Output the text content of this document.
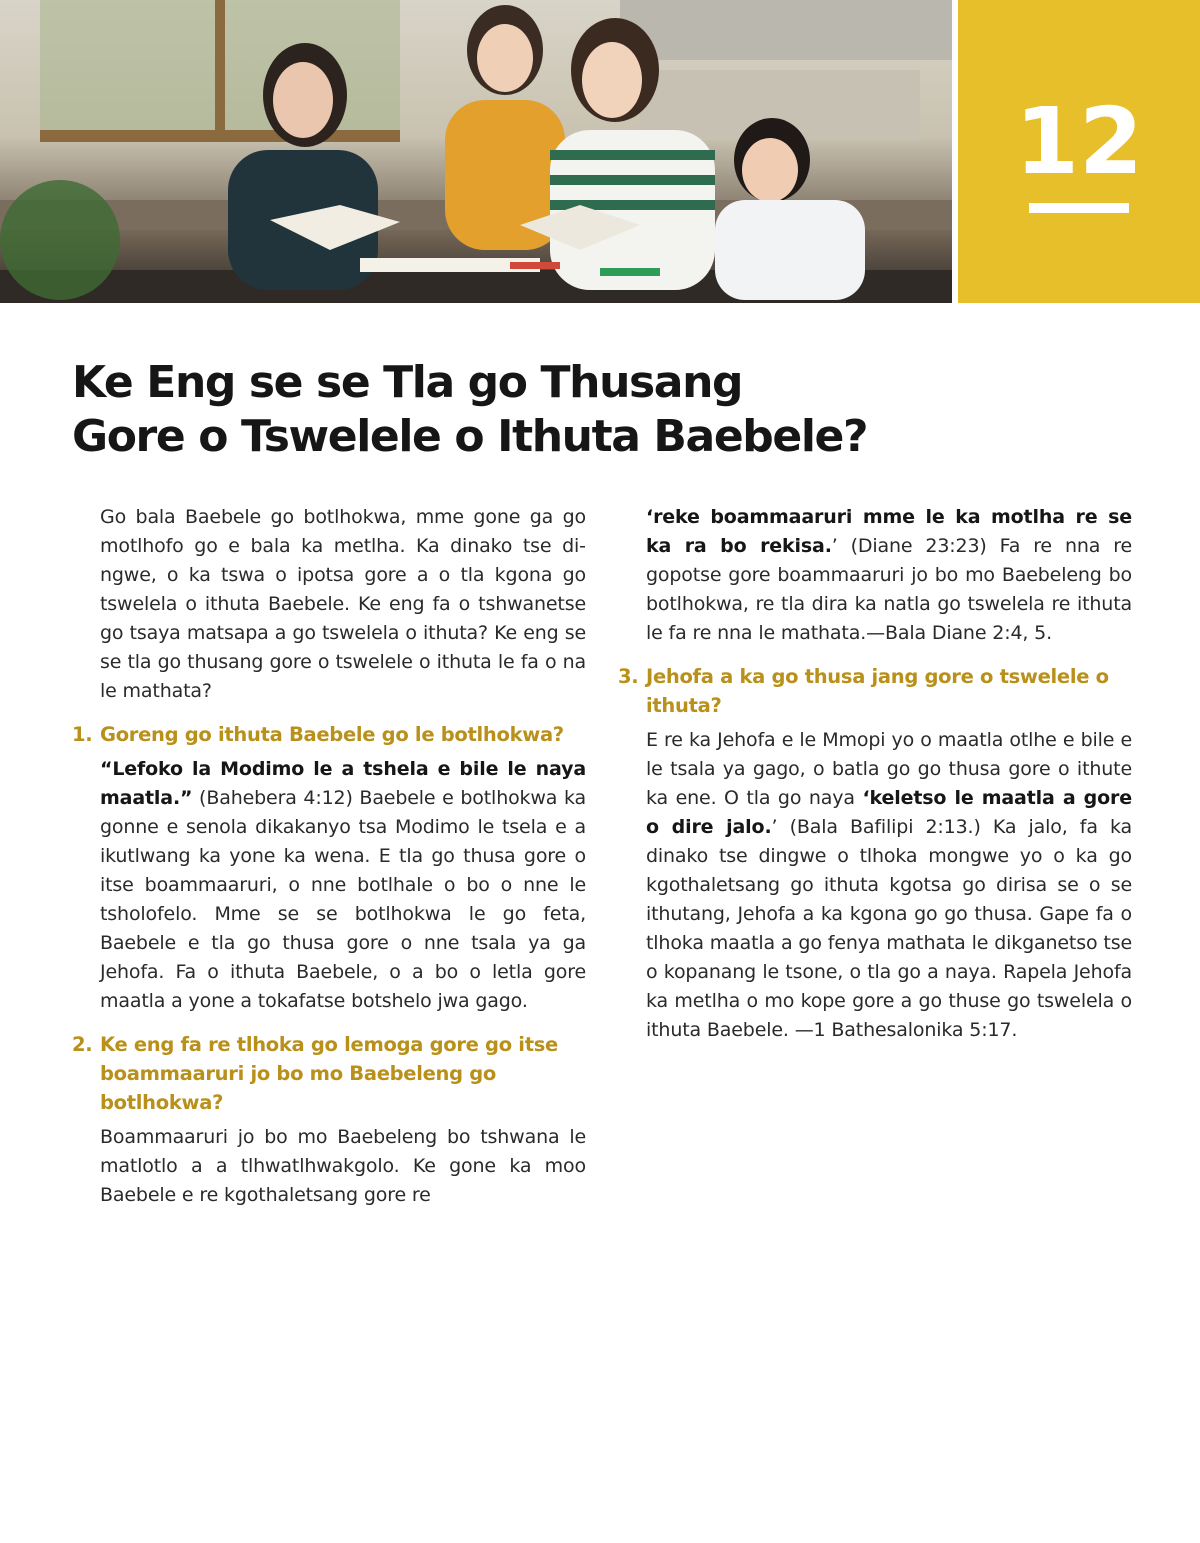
12
Ke Eng se se Tla go Thusang
Gore o Tswelele o Ithuta Baebele?

Go bala Baebele go botlhokwa, mme gone ga go motlhofo go e bala ka metlha. Ka dinako tse dingwe, o ka tswa o ipotsa gore a o tla kgona go tswelela o ithuta Baebele. Ke eng fa o tshwanetse go tsaya matsapa a go tswelela o ithuta? Ke eng se se tla go thusang gore o tswelele o ithuta le fa o na le mathata?

1. Goreng go ithuta Baebele go le botlhokwa?

“Lefoko la Modimo le a tshela e bile le naya maatla.” (Bahebera 4:12) Baebele e botlhokwa ka gonne e senola dikakanyo tsa Modimo le tsela e a ikutlwang ka yone ka wena. E tla go thusa gore o itse boammaaruri, o nne botlhale o bo o nne le tsholofelo. Mme se se botlhokwa le go feta, Baebele e tla go thusa gore o nne tsala ya ga Jehofa. Fa o ithuta Baebele, o a bo o letla gore maatla a yone a tokafatse botshelo jwa gago.

2. Ke eng fa re tlhoka go lemoga gore go itse boammaaruri jo bo mo Baebeleng go botlhokwa?

Boammaaruri jo bo mo Baebeleng bo tshwana le matlotlo a a tlhwatlhwakgolo. Ke gone ka moo Baebele e re kgothaletsang gore re

‘reke boammaaruri mme le ka motlha re se ka ra bo rekisa.’ (Diane 23:23) Fa re nna re gopotse gore boammaaruri jo bo mo Baebeleng bo botlhokwa, re tla dira ka natla go tswelela re ithuta le fa re nna le mathata.—Bala Diane 2:4, 5.

3. Jehofa a ka go thusa jang gore o tswelele o ithuta?

E re ka Jehofa e le Mmopi yo o maatla otlhe e bile e le tsala ya gago, o batla go go thusa gore o ithute ka ene. O tla go naya ‘keletso le maatla a gore o dire jalo.’ (Bala Bafilipi 2:13.) Ka jalo, fa ka dinako tse dingwe o tlhoka mongwe yo o ka go kgothaletsang go ithuta kgotsa go dirisa se o se ithutang, Jehofa a ka kgona go go thusa. Gape fa o tlhoka maatla a go fenya mathata le dikganetso tse o kopanang le tsone, o tla go a naya. Rapela Jehofa ka metlha o mo kope gore a go thuse go tswelela o ithuta Baebele. —1 Bathesalonika 5:17.
